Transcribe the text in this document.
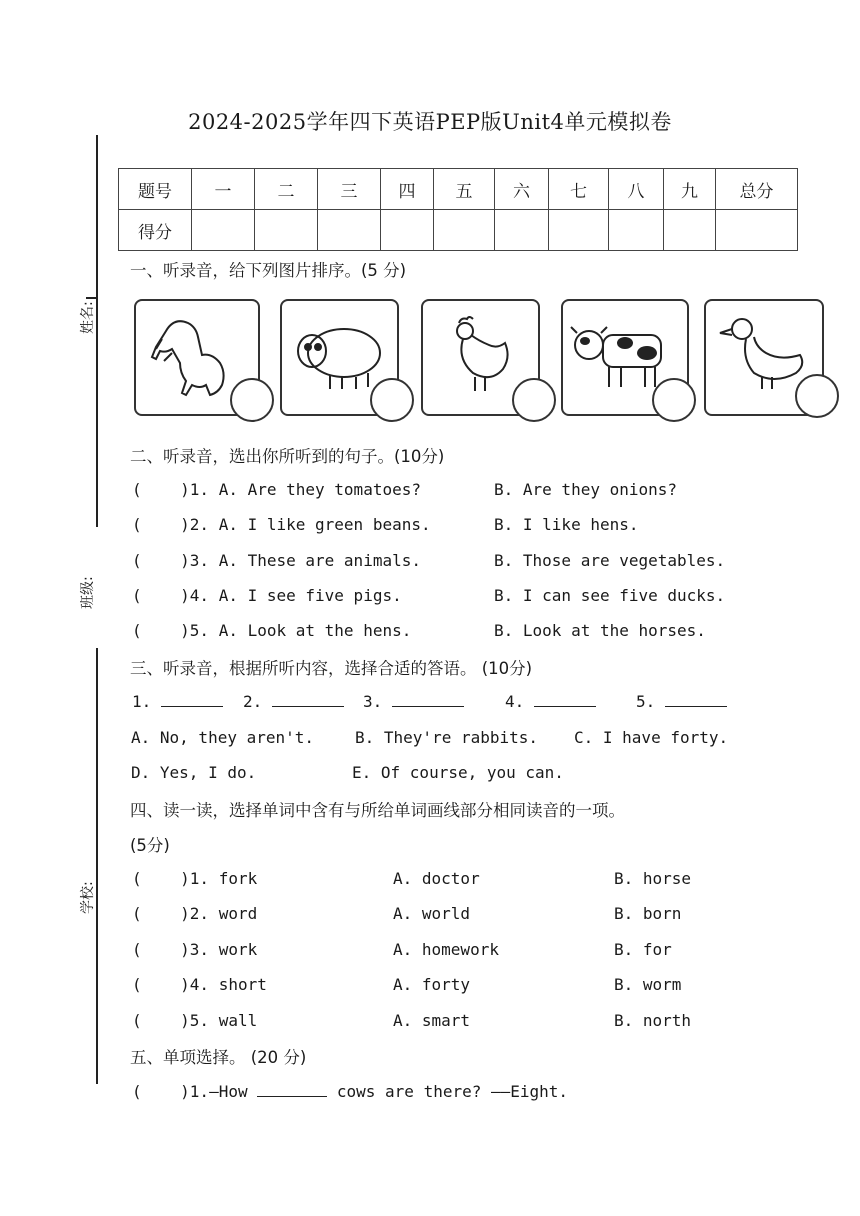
2024-2025学年四下英语PEP版Unit4单元模拟卷
姓名:
班级:
学校:
题号	一	二	三	四	五	六	七	八	九	总分
得分										
一、听录音，给下列图片排序。(5 分)
二、听录音，选出你所听到的句子。(10分)
(    )1. A. Are they tomatoes?	B. Are they onions?
(    )2. A. I like green beans.	B. I like hens.
(    )3. A. These are animals.	B. Those are vegetables.
(    )4. A. I see five pigs.	B. I can see five ducks.
(    )5. A. Look at the hens.	B. Look at the horses.
三、听录音，根据所听内容，选择合适的答语。 (10分)
1.	2.	3.	4.	5.
A. No, they aren't.	B. They're rabbits. C. I have forty.
D. Yes, I do.	E. Of course, you can.
四、读一读，选择单词中含有与所给单词画线部分相同读音的一项。
(5分)
(    )1. fork	A. doctor	B. horse
(    )2. word	A. world	B. born
(    )3. work	A. homework	B. for
(    )4. short	A. forty	B. worm
(    )5. wall	A. smart	B. north
五、单项选择。 (20 分)
(    )1.—How	cows are there? ——Eight.
